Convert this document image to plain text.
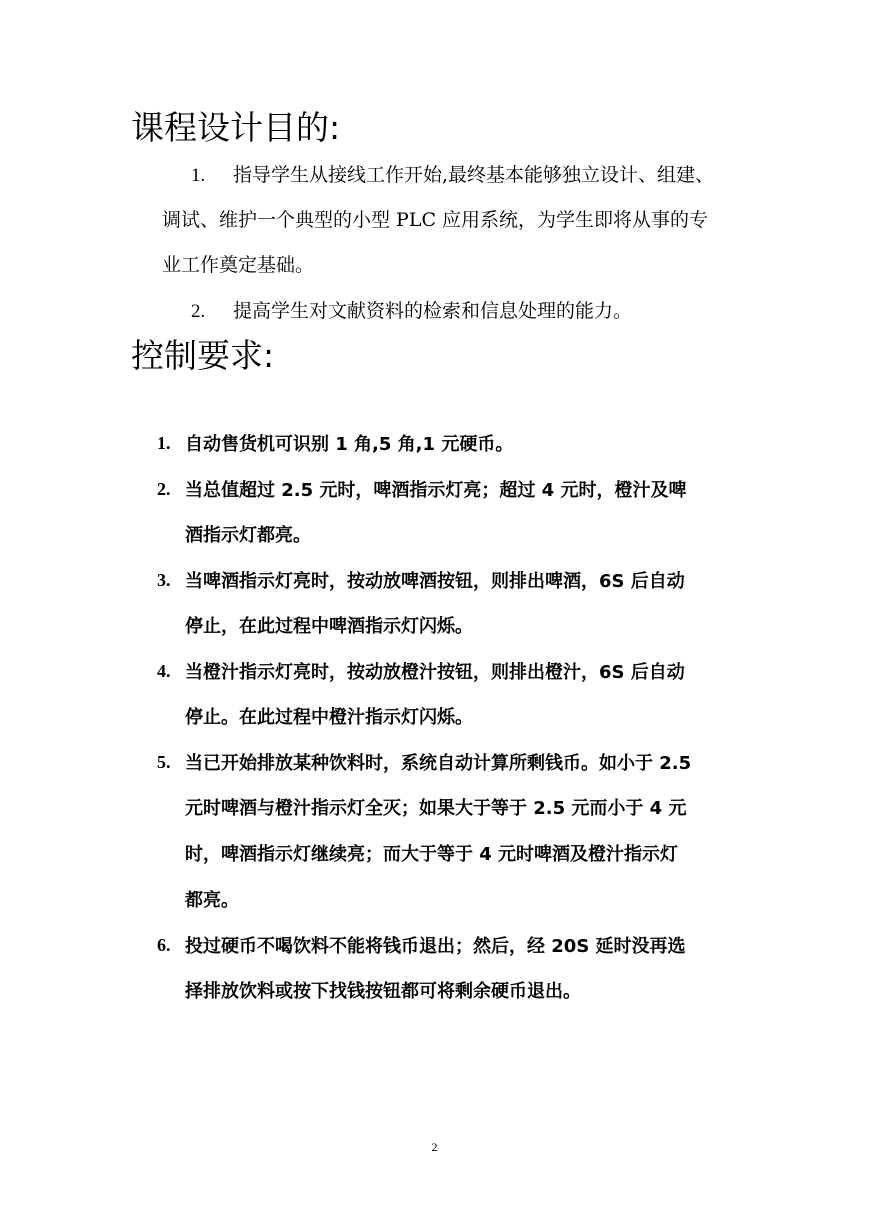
课程设计目的:
1. 指导学生从接线工作开始,最终基本能够独立设计、组建、
调试、维护一个典型的小型 PLC 应用系统，为学生即将从事的专
业工作奠定基础。
2. 提高学生对文献资料的检索和信息处理的能力。
控制要求:
1. 自动售货机可识别 1 角,5 角,1 元硬币。
2. 当总值超过 2.5 元时，啤酒指示灯亮；超过 4 元时，橙汁及啤
酒指示灯都亮。
3. 当啤酒指示灯亮时，按动放啤酒按钮，则排出啤酒，6S 后自动
停止，在此过程中啤酒指示灯闪烁。
4. 当橙汁指示灯亮时，按动放橙汁按钮，则排出橙汁，6S 后自动
停止。在此过程中橙汁指示灯闪烁。
5. 当已开始排放某种饮料时，系统自动计算所剩钱币。如小于 2.5
元时啤酒与橙汁指示灯全灭；如果大于等于 2.5 元而小于 4 元
时，啤酒指示灯继续亮；而大于等于 4 元时啤酒及橙汁指示灯
都亮。
6. 投过硬币不喝饮料不能将钱币退出；然后，经 20S 延时没再选
择排放饮料或按下找钱按钮都可将剩余硬币退出。
2
